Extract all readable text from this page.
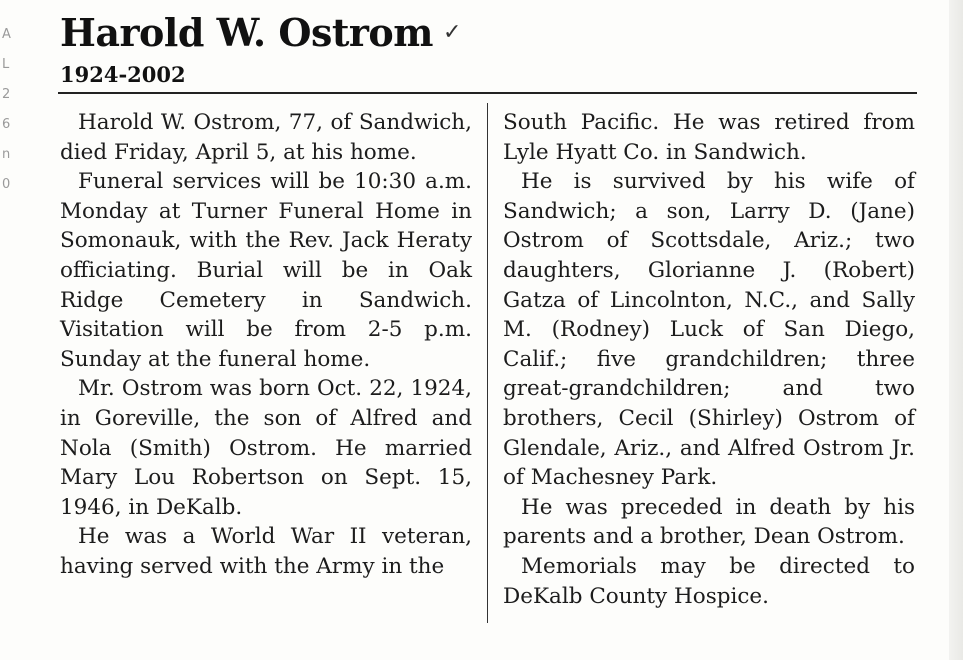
A
L
2
6
n
0
Harold W. Ostrom ✓
1924-2002

Harold W. Ostrom, 77, of Sandwich, died Friday, April 5, at his home.

Funeral services will be 10:30 a.m. Monday at Turner Funeral Home in Somonauk, with the Rev. Jack Heraty officiating. Burial will be in Oak Ridge Cemetery in Sandwich. Visitation will be from 2-5 p.m. Sunday at the funeral home.

Mr. Ostrom was born Oct. 22, 1924, in Goreville, the son of Alfred and Nola (Smith) Ostrom. He married Mary Lou Robertson on Sept. 15, 1946, in DeKalb.

He was a World War II veteran, having served with the Army in the

South Pacific. He was retired from Lyle Hyatt Co. in Sandwich.

He is survived by his wife of Sandwich; a son, Larry D. (Jane) Ostrom of Scottsdale, Ariz.; two daughters, Glorianne J. (Robert) Gatza of Lincolnton, N.C., and Sally M. (Rodney) Luck of San Diego, Calif.; five grandchildren; three great-grandchildren; and two brothers, Cecil (Shirley) Ostrom of Glendale, Ariz., and Alfred Ostrom Jr. of Machesney Park.

He was preceded in death by his parents and a brother, Dean Ostrom.

Memorials may be directed to DeKalb County Hospice.
